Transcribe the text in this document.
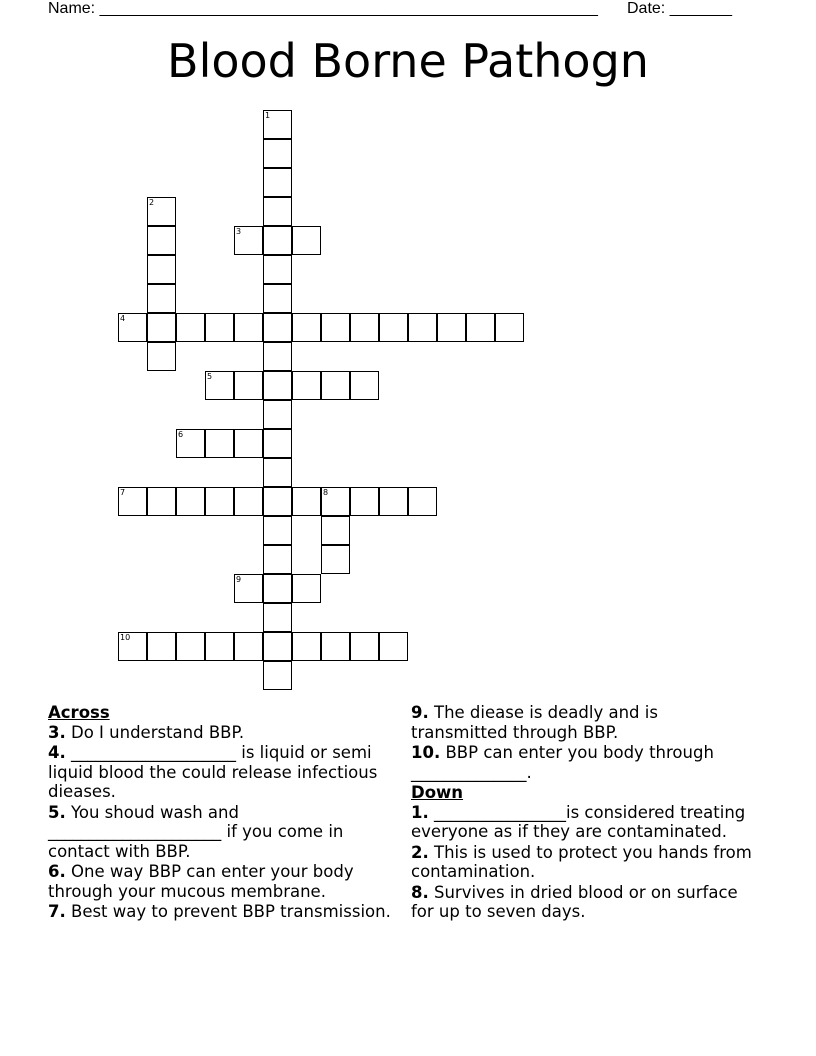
Name: ________________________________________________________ Date: _______
Blood Borne Pathogn
1
2
3
4
5
6
7	8
9
10
Across
3. Do I understand BBP.
4. ____________________ is liquid or semi liquid blood the could release infectious dieases.
5. You shoud wash and _____________________ if you come in contact with BBP.
6. One way BBP can enter your body through your mucous membrane.
7. Best way to prevent BBP transmission.
9. The diease is deadly and is transmitted through BBP.
10. BBP can enter you body through ______________.
Down
1. ________________is considered treating everyone as if they are contaminated.
2. This is used to protect you hands from contamination.
8. Survives in dried blood or on surface for up to seven days.
